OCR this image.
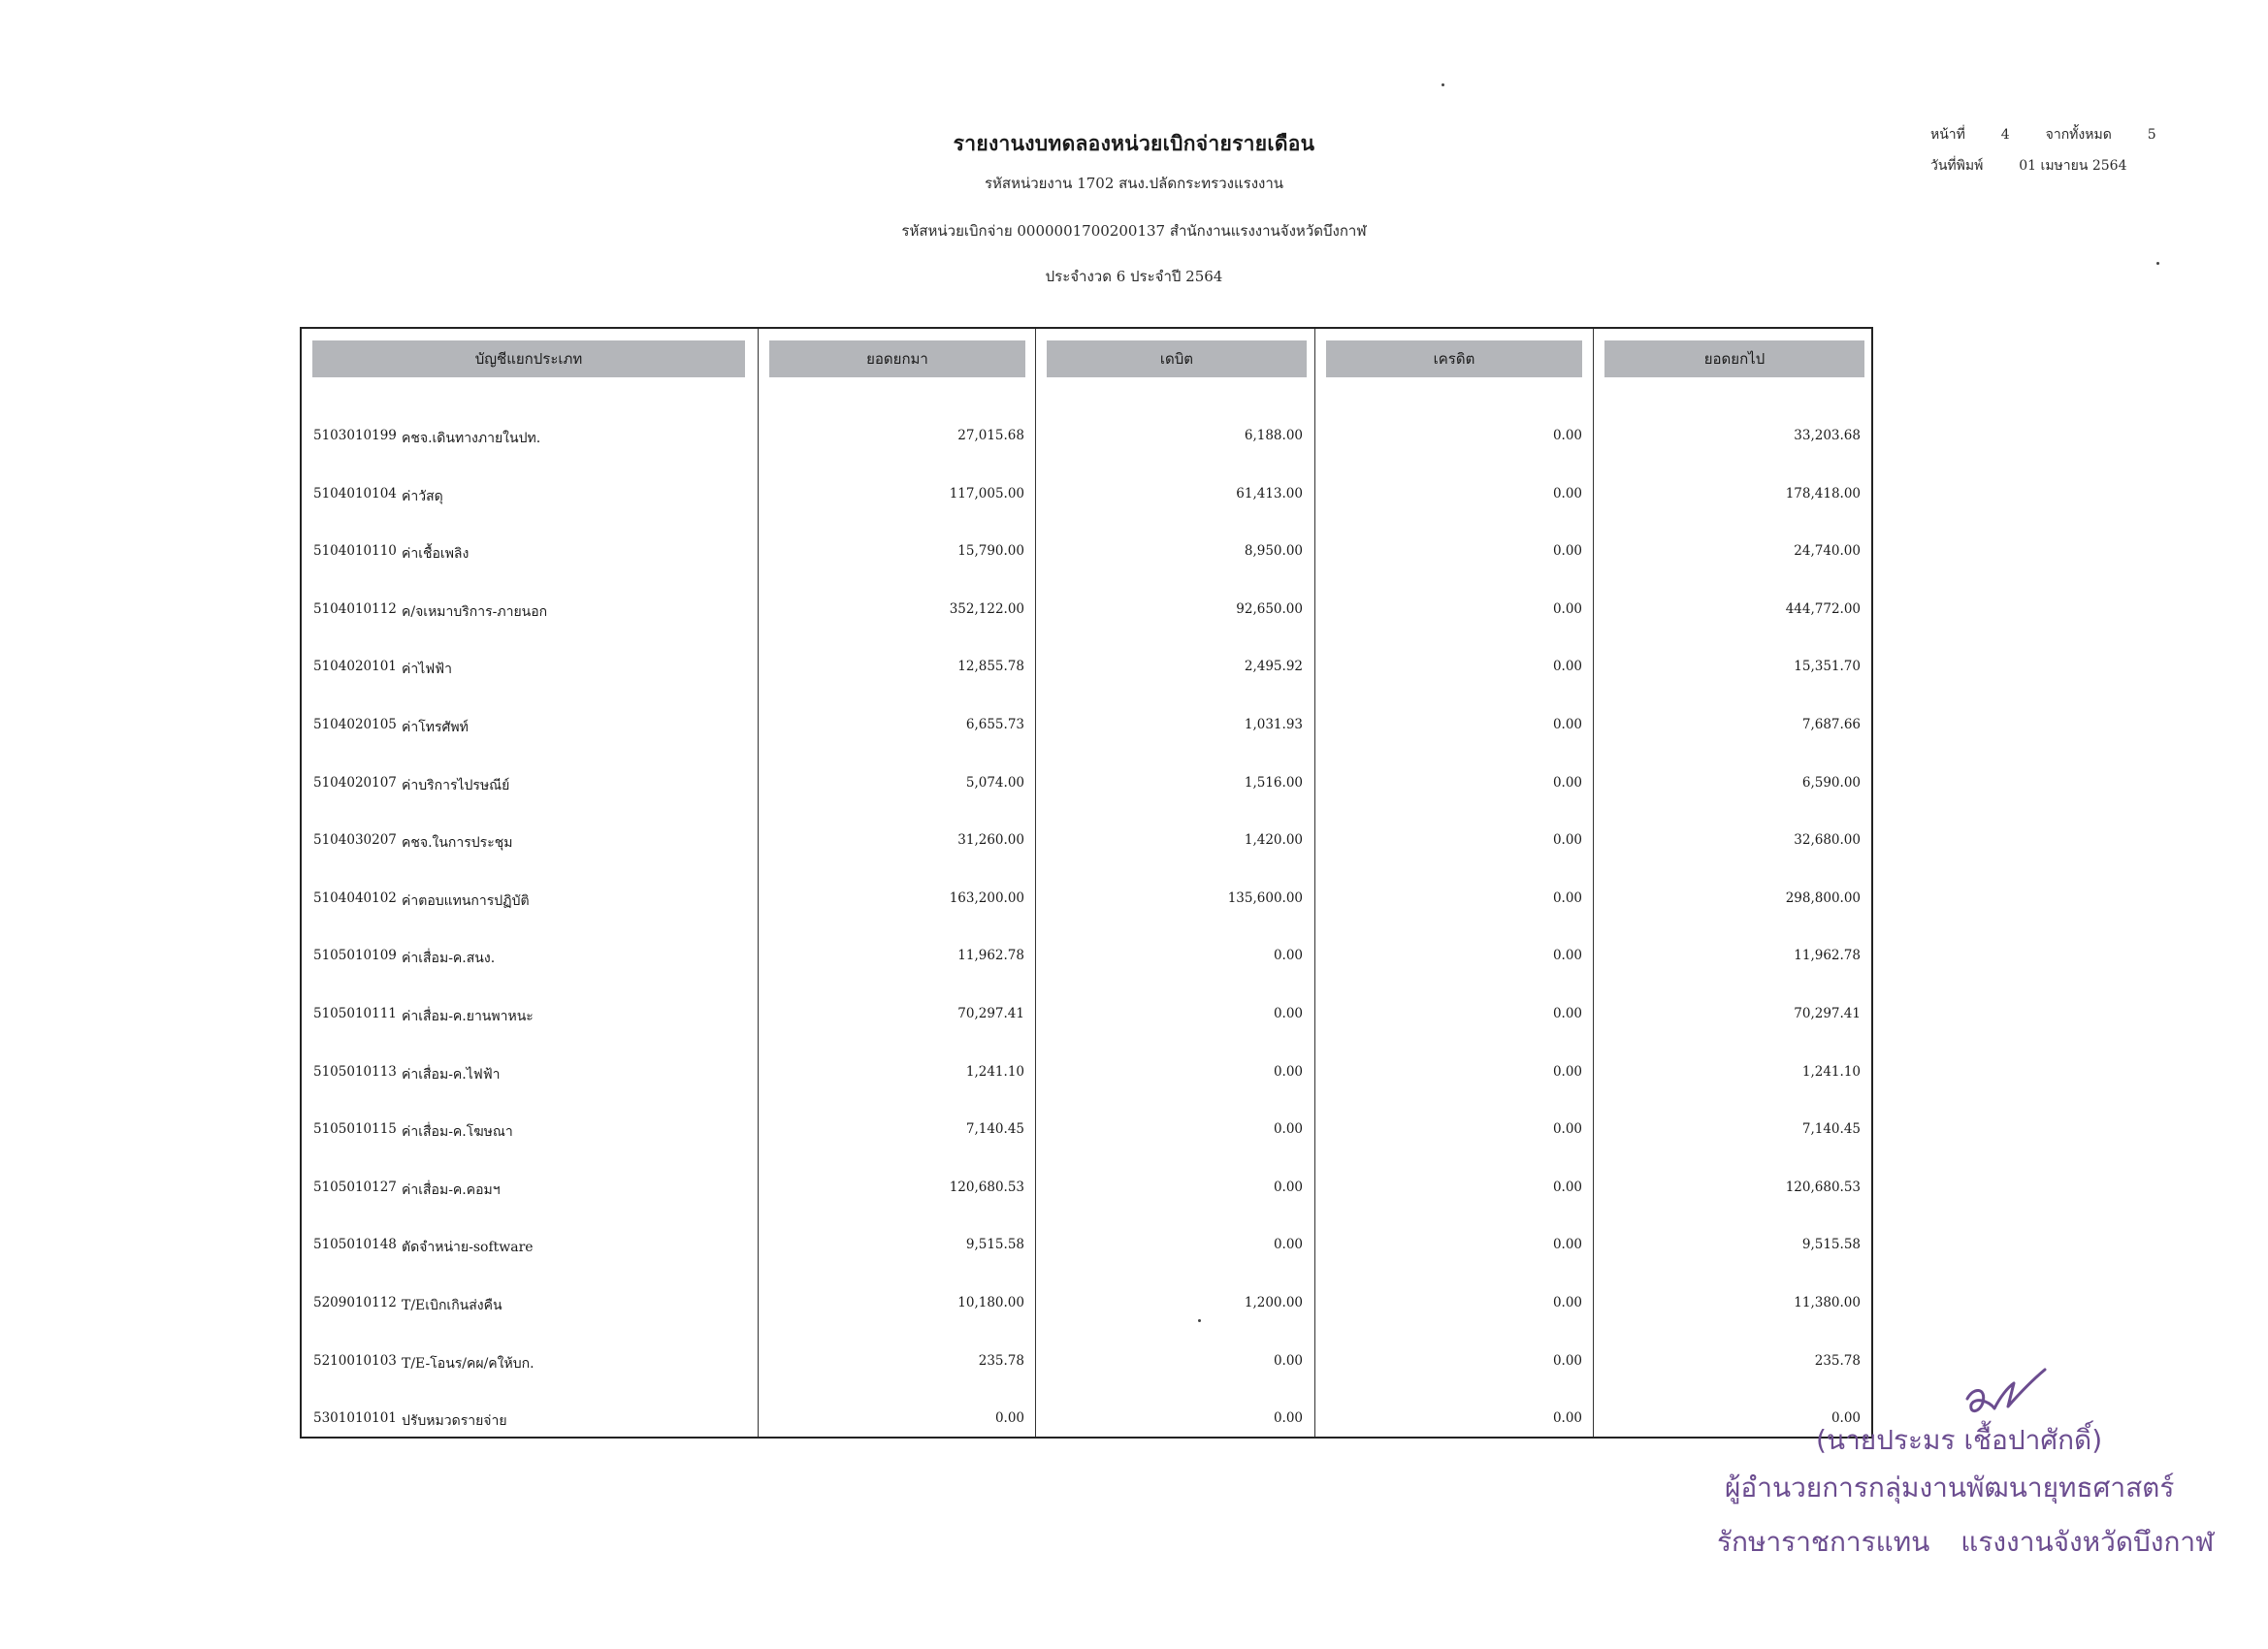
รายงานงบทดลองหน่วยเบิกจ่ายรายเดือน
รหัสหน่วยงาน 1702 สนง.ปลัดกระทรวงแรงงาน
รหัสหน่วยเบิกจ่าย 0000001700200137 สำนักงานแรงงานจังหวัดบึงกาฬ
ประจำงวด 6 ประจำปี 2564
หน้าที่	4	จากทั้งหมด	5
วันที่พิมพ์	01 เมษายน 2564
บัญชีแยกประเภท	ยอดยกมา	เดบิต	เครดิต	ยอดยกไป
5103010199 คชจ.เดินทางภายในปท.	27,015.68	6,188.00	0.00	33,203.68
5104010104 ค่าวัสดุ	117,005.00	61,413.00	0.00	178,418.00
5104010110 ค่าเชื้อเพลิง	15,790.00	8,950.00	0.00	24,740.00
5104010112 ค/จเหมาบริการ-ภายนอก	352,122.00	92,650.00	0.00	444,772.00
5104020101 ค่าไฟฟ้า	12,855.78	2,495.92	0.00	15,351.70
5104020105 ค่าโทรศัพท์	6,655.73	1,031.93	0.00	7,687.66
5104020107 ค่าบริการไปรษณีย์	5,074.00	1,516.00	0.00	6,590.00
5104030207 คชจ.ในการประชุม	31,260.00	1,420.00	0.00	32,680.00
5104040102 ค่าตอบแทนการปฏิบัติ	163,200.00	135,600.00	0.00	298,800.00
5105010109 ค่าเสื่อม-ค.สนง.	11,962.78	0.00	0.00	11,962.78
5105010111 ค่าเสื่อม-ค.ยานพาหนะ	70,297.41	0.00	0.00	70,297.41
5105010113 ค่าเสื่อม-ค.ไฟฟ้า	1,241.10	0.00	0.00	1,241.10
5105010115 ค่าเสื่อม-ค.โฆษณา	7,140.45	0.00	0.00	7,140.45
5105010127 ค่าเสื่อม-ค.คอมฯ	120,680.53	0.00	0.00	120,680.53
5105010148 ตัดจำหน่าย-software	9,515.58	0.00	0.00	9,515.58
5209010112 T/Eเบิกเกินส่งคืน	10,180.00	1,200.00	0.00	11,380.00
5210010103 T/E-โอนร/คผ/คให้บก.	235.78	0.00	0.00	235.78
5301010101 ปรับหมวดรายจ่าย	0.00	0.00	0.00	0.00
(นายประมร เชื้อปาศักดิ์)
ผู้อำนวยการกลุ่มงานพัฒนายุทธศาสตร์
รักษาราชการแทน แรงงานจังหวัดบึงกาฬ
